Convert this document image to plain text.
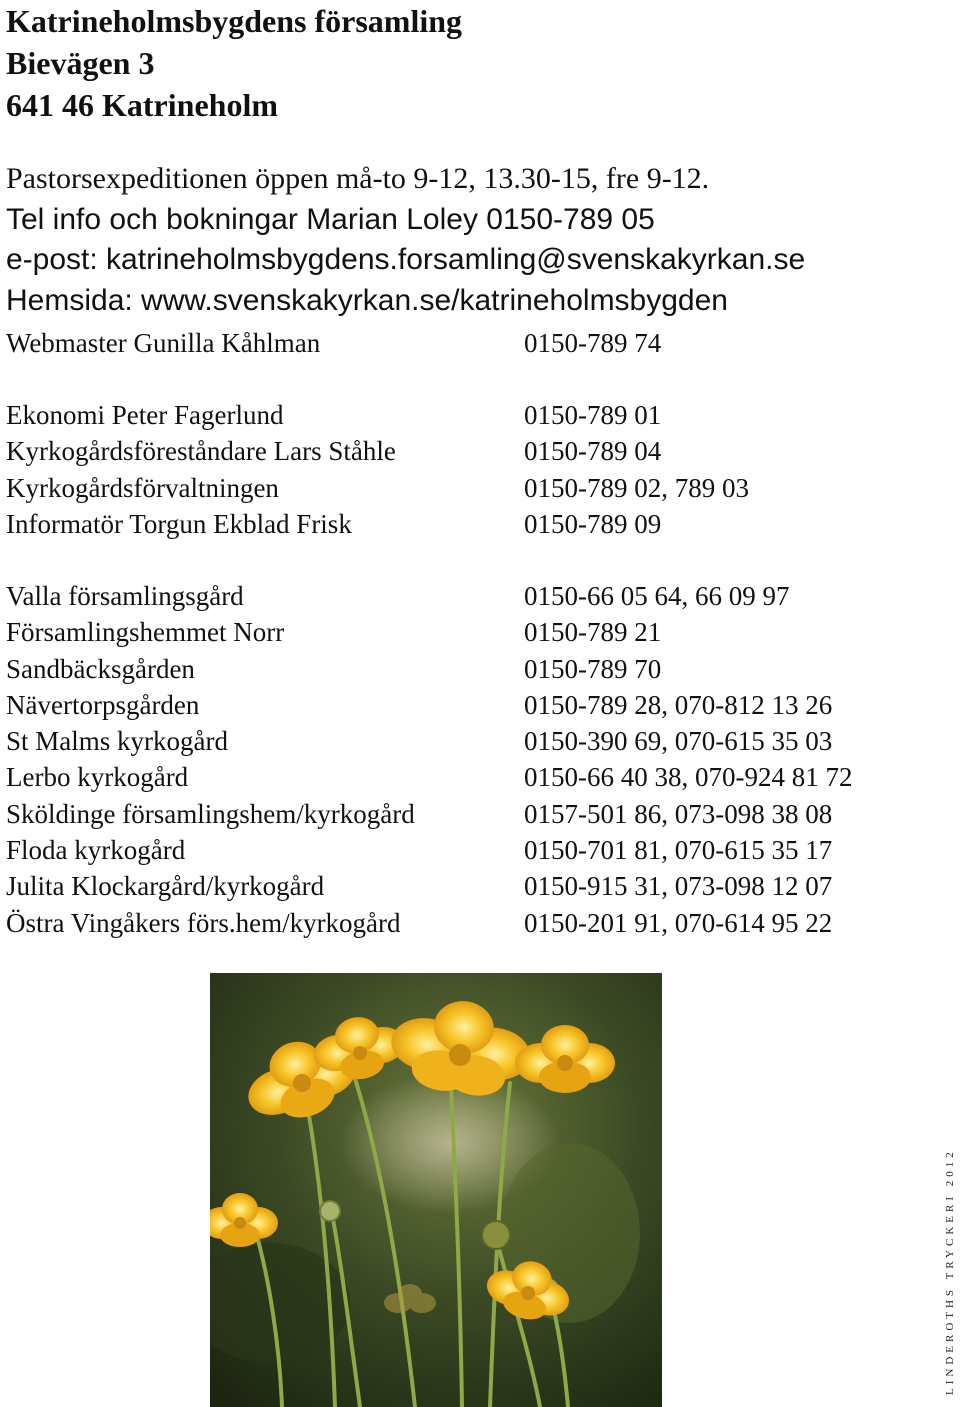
Katrineholmsbygdens församling
Bievägen 3
641 46 Katrineholm
Pastorsexpeditionen öppen må-to 9-12, 13.30-15, fre 9-12.
Tel info och bokningar Marian Loley 0150-789 05
e-post: katrineholmsbygdens.forsamling@svenskakyrkan.se
Hemsida: www.svenskakyrkan.se/katrineholmsbygden
Webmaster Gunilla Kåhlman	0150-789 74
Ekonomi Peter Fagerlund	0150-789 01
Kyrkogårdsföreståndare Lars Ståhle	0150-789 04
Kyrkogårdsförvaltningen	0150-789 02, 789 03
Informatör Torgun Ekblad Frisk	0150-789 09
Valla församlingsgård	0150-66 05 64, 66 09 97
Församlingshemmet Norr	0150-789 21
Sandbäcksgården	0150-789 70
Nävertorpsgården	0150-789 28, 070-812 13 26
St Malms kyrkogård	0150-390 69, 070-615 35 03
Lerbo kyrkogård	0150-66 40 38, 070-924 81 72
Sköldinge församlingshem/kyrkogård	0157-501 86, 073-098 38 08
Floda kyrkogård	0150-701 81, 070-615 35 17
Julita Klockargård/kyrkogård	0150-915 31, 073-098 12 07
Östra Vingåkers förs.hem/kyrkogård	0150-201 91, 070-614 95 22
LINDEROTHS TRYCKERI 2012
